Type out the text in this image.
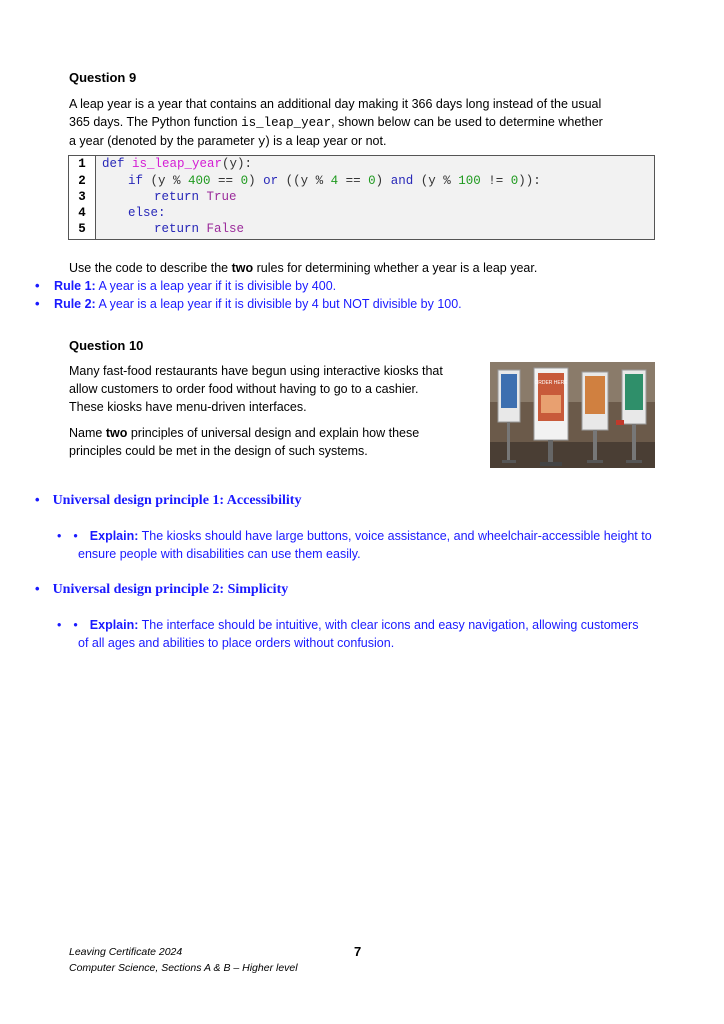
Question 9
A leap year is a year that contains an additional day making it 366 days long instead of the usual
365 days. The Python function is_leap_year, shown below can be used to determine whether
a year (denoted by the parameter y) is a leap year or not.
1
2
3
4
5
def is_leap_year(y):
if (y % 400 == 0) or ((y % 4 == 0) and (y % 100 != 0)):
return True
else:
return False
Use the code to describe the two rules for determining whether a year is a leap year.
• Rule 1: A year is a leap year if it is divisible by 400.
• Rule 2: A year is a leap year if it is divisible by 4 but NOT divisible by 100.
Question 10
Many fast-food restaurants have begun using interactive kiosks that
allow customers to order food without having to go to a cashier.
These kiosks have menu-driven interfaces.
Name two principles of universal design and explain how these
principles could be met in the design of such systems.
ORDER HERE
• Universal design principle 1: Accessibility
• • Explain: The kiosks should have large buttons, voice assistance, and wheelchair-accessible height to
ensure people with disabilities can use them easily.
• Universal design principle 2: Simplicity
• • Explain: The interface should be intuitive, with clear icons and easy navigation, allowing customers
of all ages and abilities to place orders without confusion.
Leaving Certificate 2024
Computer Science, Sections A & B – Higher level
7
